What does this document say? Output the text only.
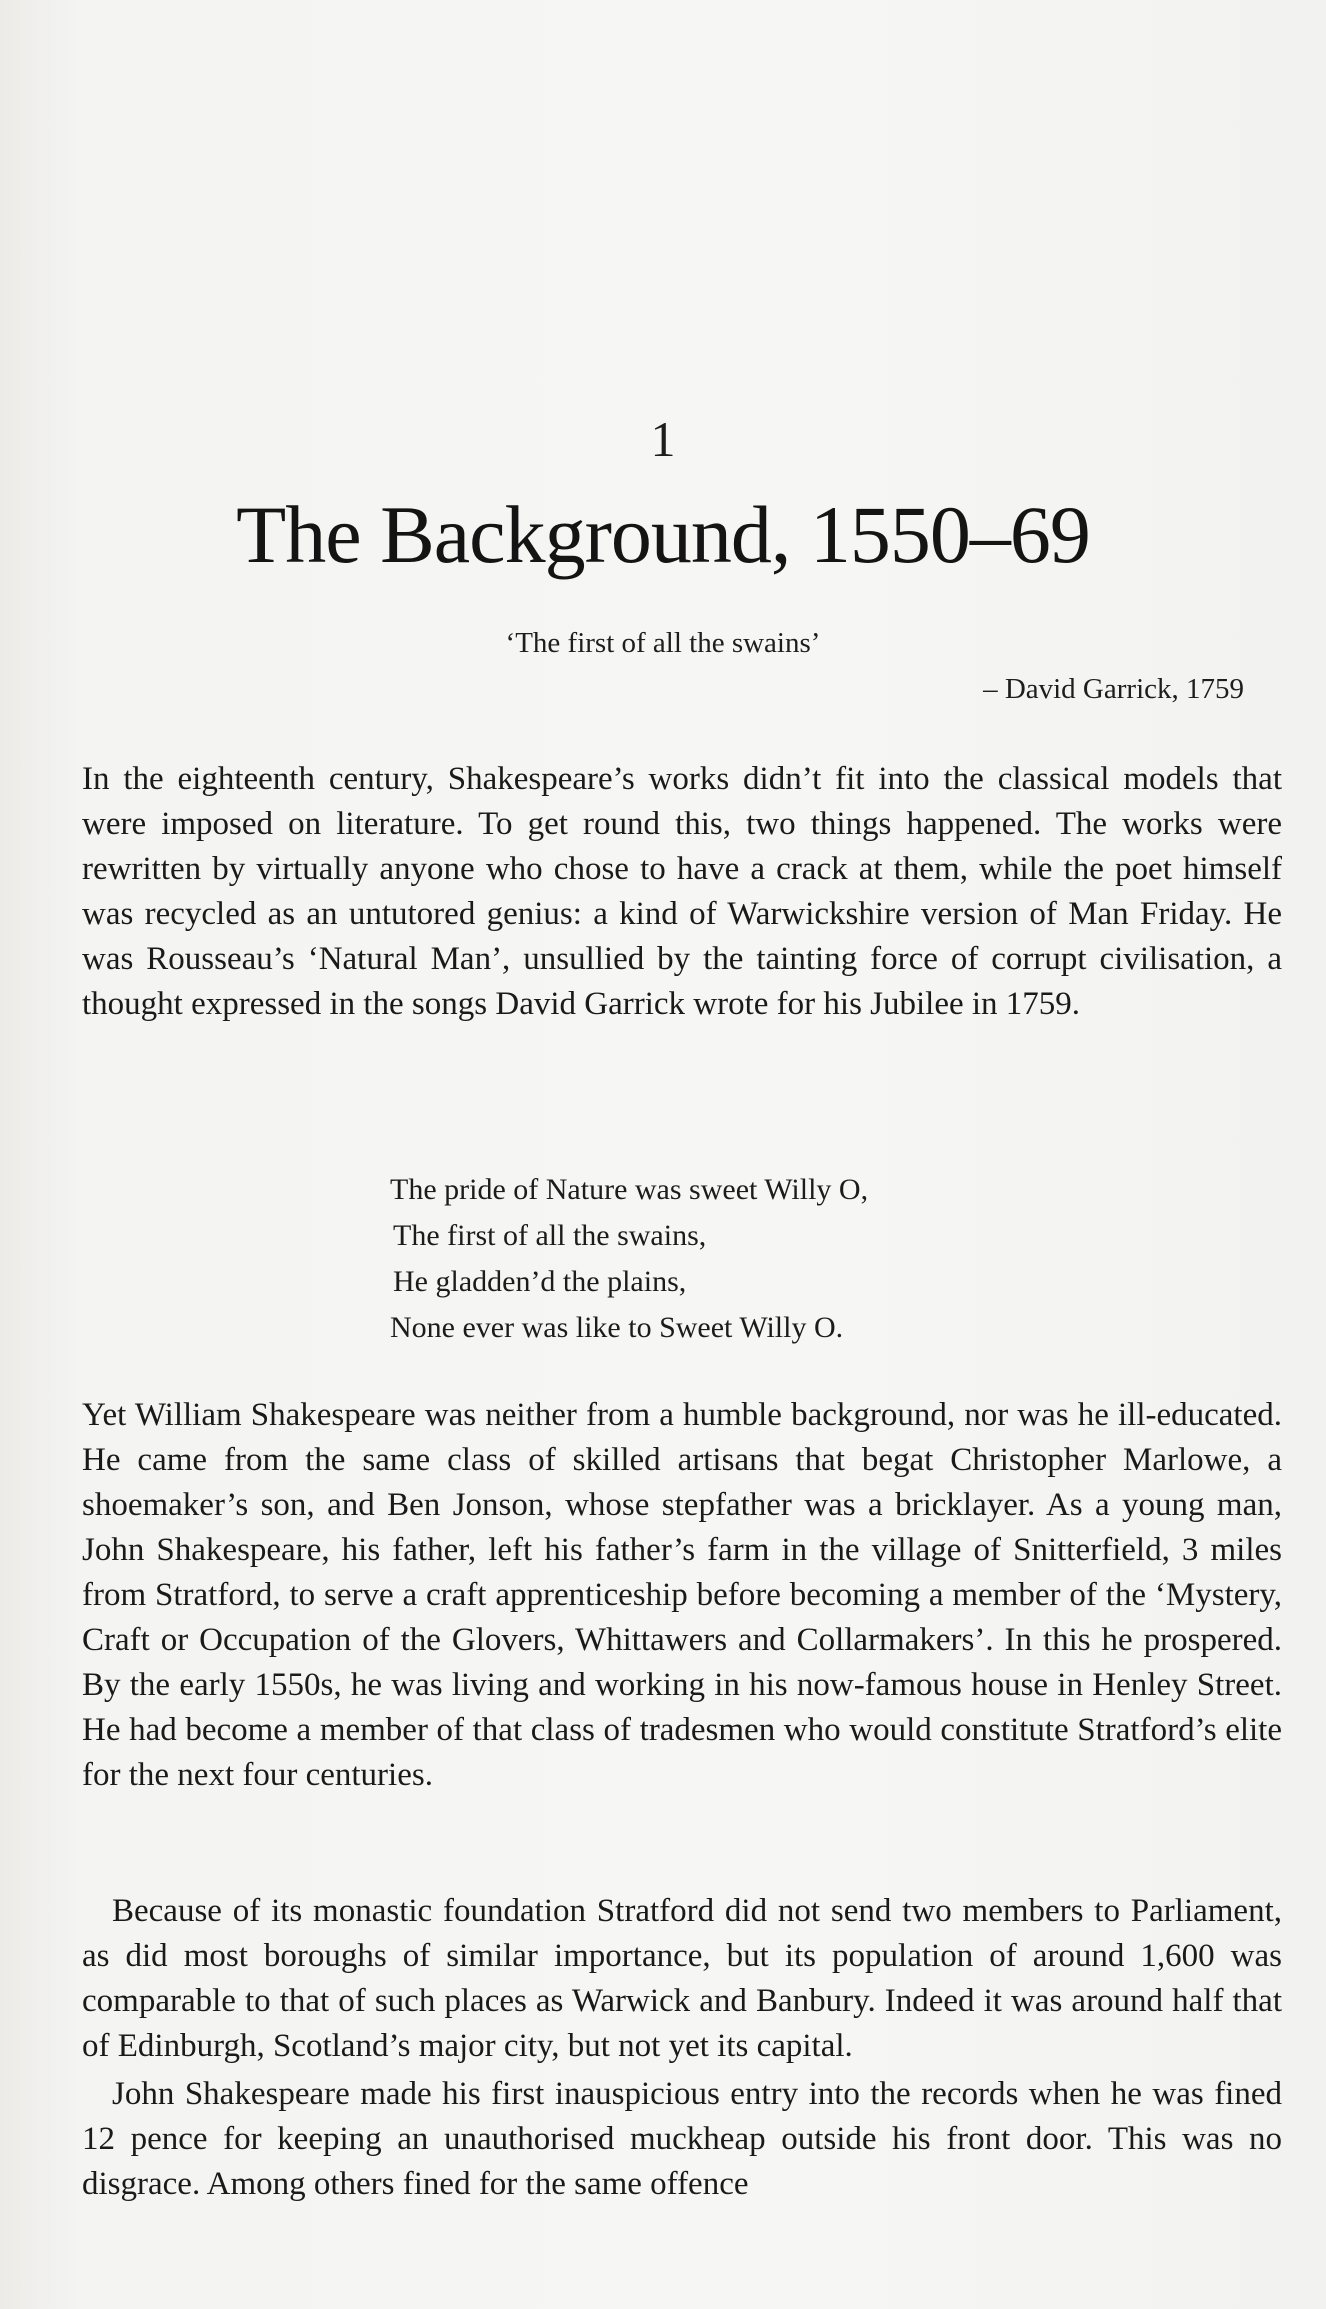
1
The Background, 1550–69
‘The first of all the swains’
– David Garrick, 1759

In the eighteenth century, Shakespeare’s works didn’t fit into the classical models that were imposed on literature. To get round this, two things happened. The works were rewritten by virtually anyone who chose to have a crack at them, while the poet himself was recycled as an untutored genius: a kind of Warwickshire version of Man Friday. He was Rousseau’s ‘Natural Man’, unsullied by the tainting force of corrupt civilisation, a thought expressed in the songs David Garrick wrote for his Jubilee in 1759.

The pride of Nature was sweet Willy O,
The first of all the swains,
He gladden’d the plains,
None ever was like to Sweet Willy O.

Yet William Shakespeare was neither from a humble background, nor was he ill-educated. He came from the same class of skilled artisans that begat Christopher Marlowe, a shoemaker’s son, and Ben Jonson, whose stepfather was a bricklayer. As a young man, John Shakespeare, his father, left his father’s farm in the village of Snitterfield, 3 miles from Stratford, to serve a craft apprenticeship before becoming a member of the ‘Mystery, Craft or Occupation of the Glovers, Whittawers and Collarmakers’. In this he prospered. By the early 1550s, he was living and working in his now-famous house in Henley Street. He had become a member of that class of tradesmen who would constitute Stratford’s elite for the next four centuries.

Because of its monastic foundation Stratford did not send two members to Parliament, as did most boroughs of similar importance, but its population of around 1,600 was comparable to that of such places as Warwick and Banbury. Indeed it was around half that of Edinburgh, Scotland’s major city, but not yet its capital.

John Shakespeare made his first inauspicious entry into the records when he was fined 12 pence for keeping an unauthorised muckheap outside his front door. This was no disgrace. Among others fined for the same offence
